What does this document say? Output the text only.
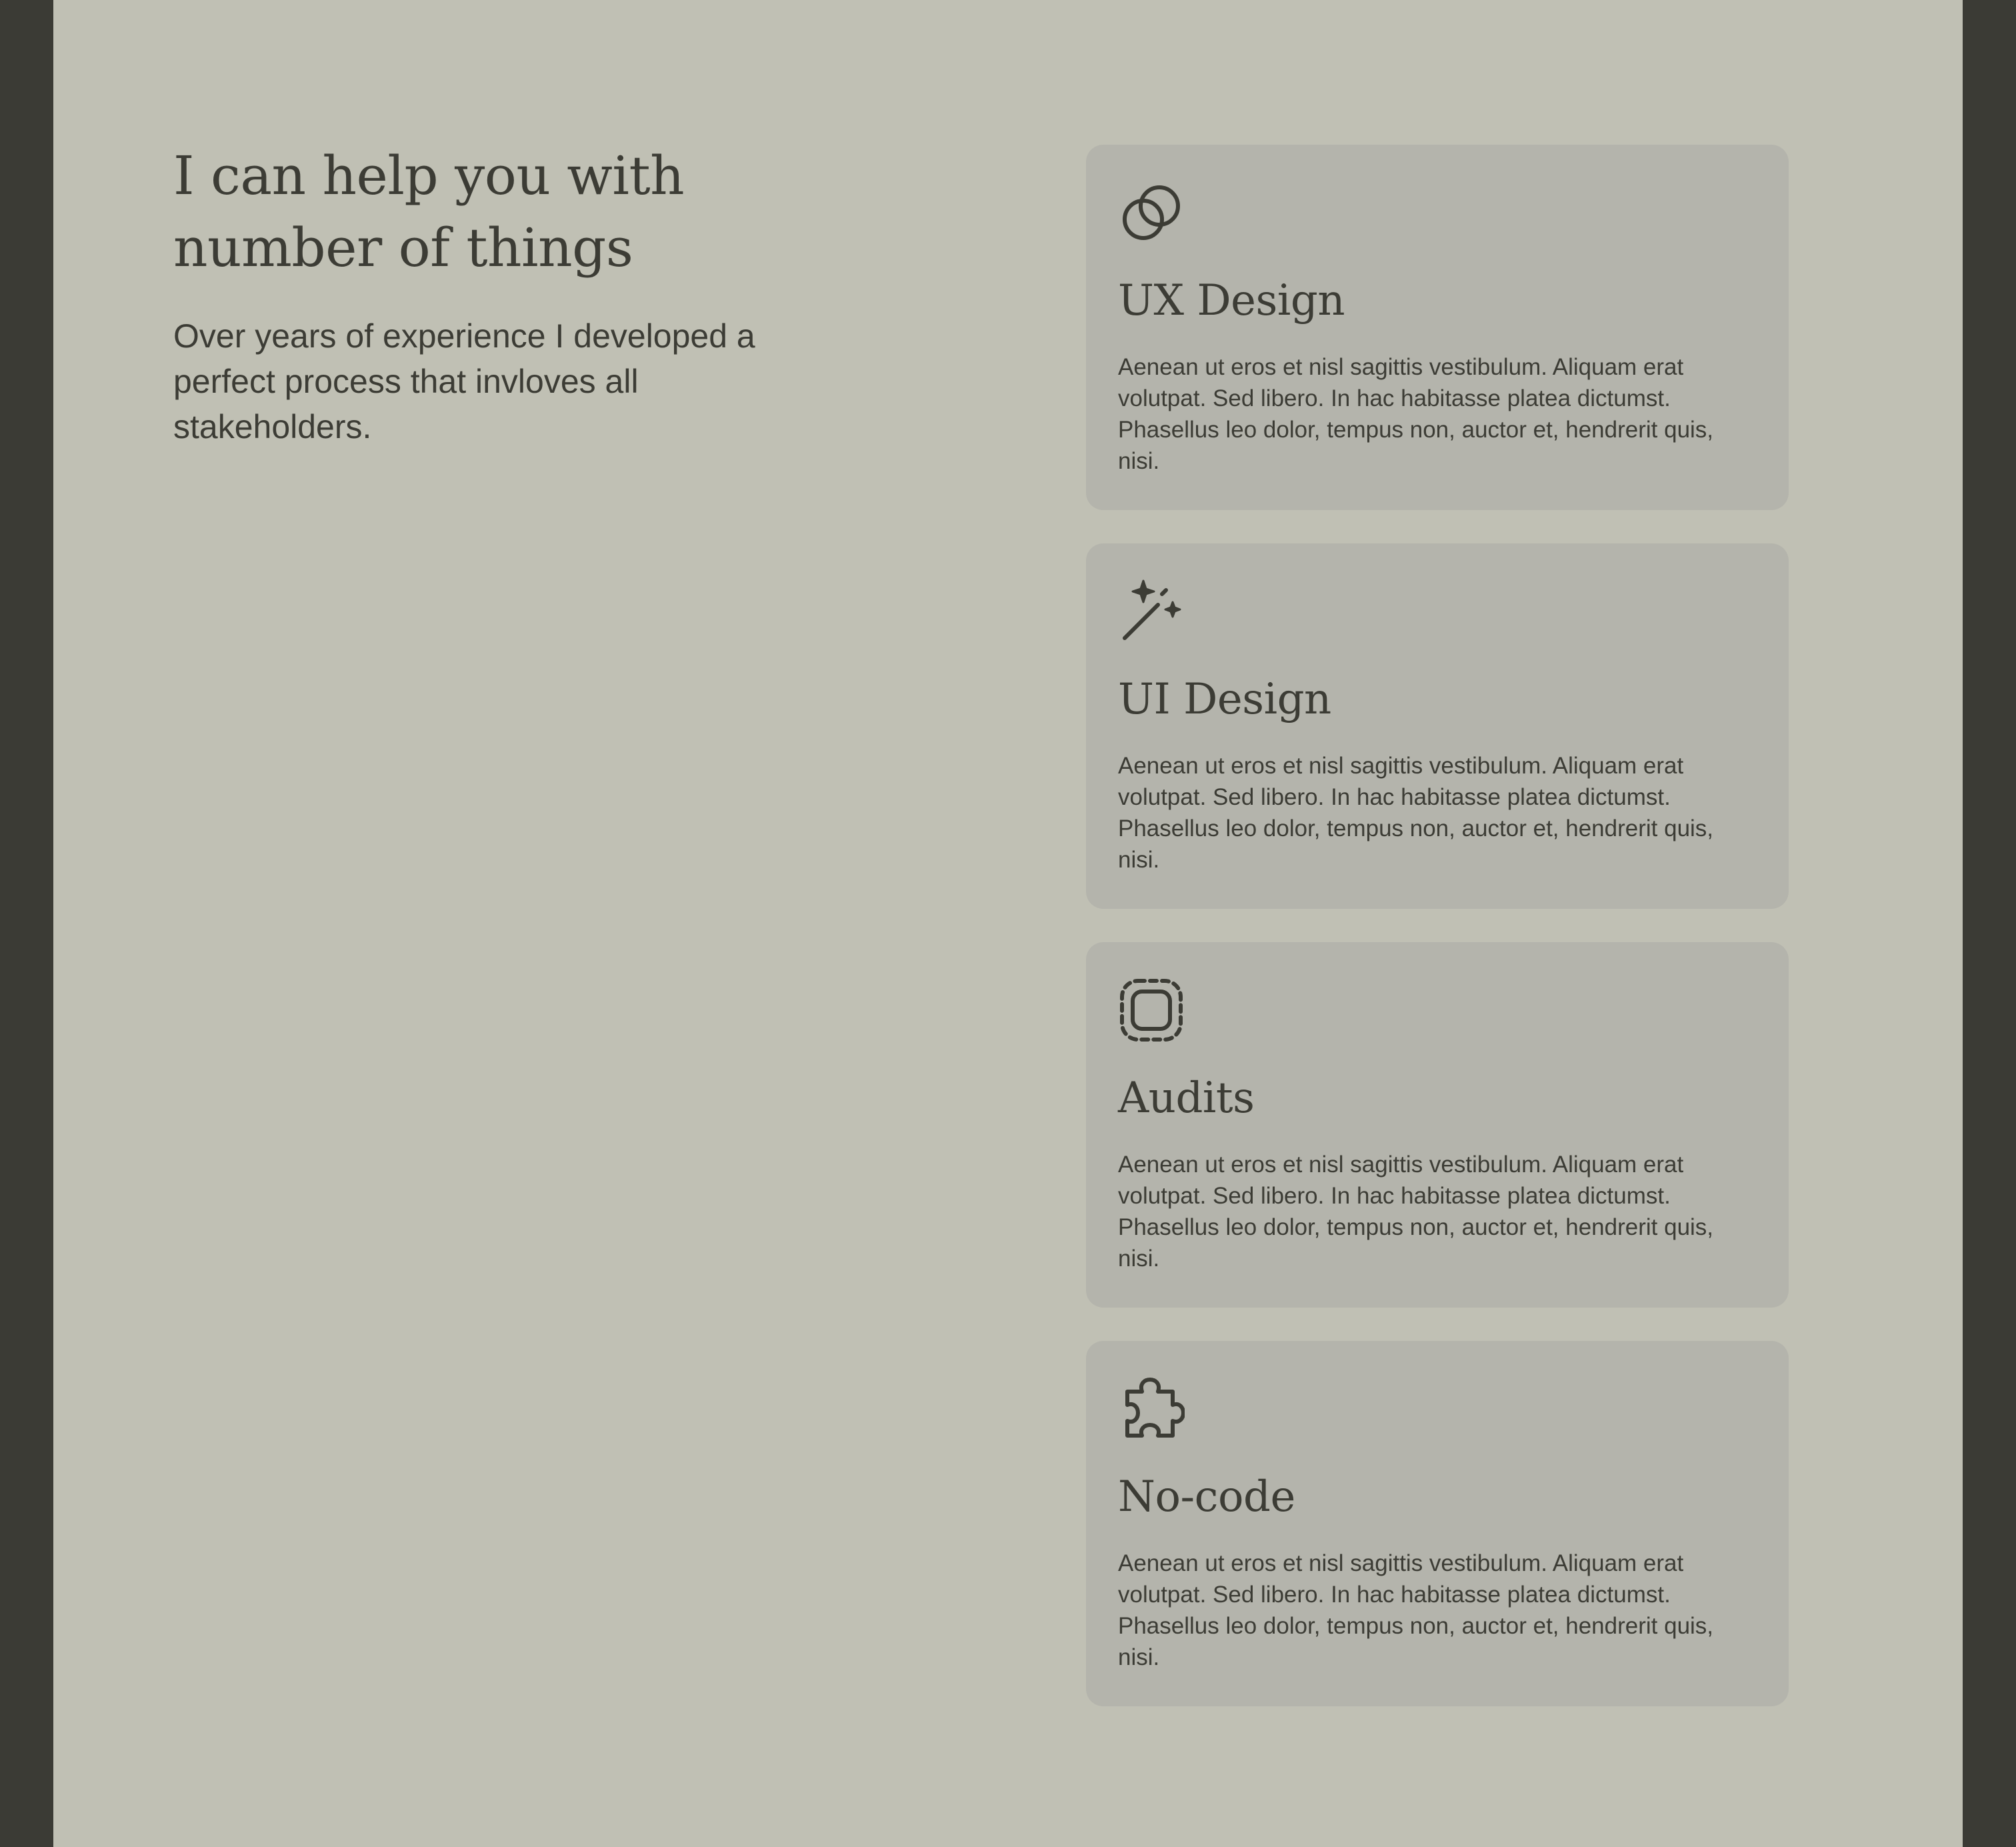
I can help you with number of things

Over years of experience I developed a perfect process that invloves all stakeholders.

UX Design

Aenean ut eros et nisl sagittis vestibulum. Aliquam erat volutpat. Sed libero. In hac habitasse platea dictumst. Phasellus leo dolor, tempus non, auctor et, hendrerit quis, nisi.

UI Design

Aenean ut eros et nisl sagittis vestibulum. Aliquam erat volutpat. Sed libero. In hac habitasse platea dictumst. Phasellus leo dolor, tempus non, auctor et, hendrerit quis, nisi.

Audits

Aenean ut eros et nisl sagittis vestibulum. Aliquam erat volutpat. Sed libero. In hac habitasse platea dictumst. Phasellus leo dolor, tempus non, auctor et, hendrerit quis, nisi.

No-code

Aenean ut eros et nisl sagittis vestibulum. Aliquam erat volutpat. Sed libero. In hac habitasse platea dictumst. Phasellus leo dolor, tempus non, auctor et, hendrerit quis, nisi.
